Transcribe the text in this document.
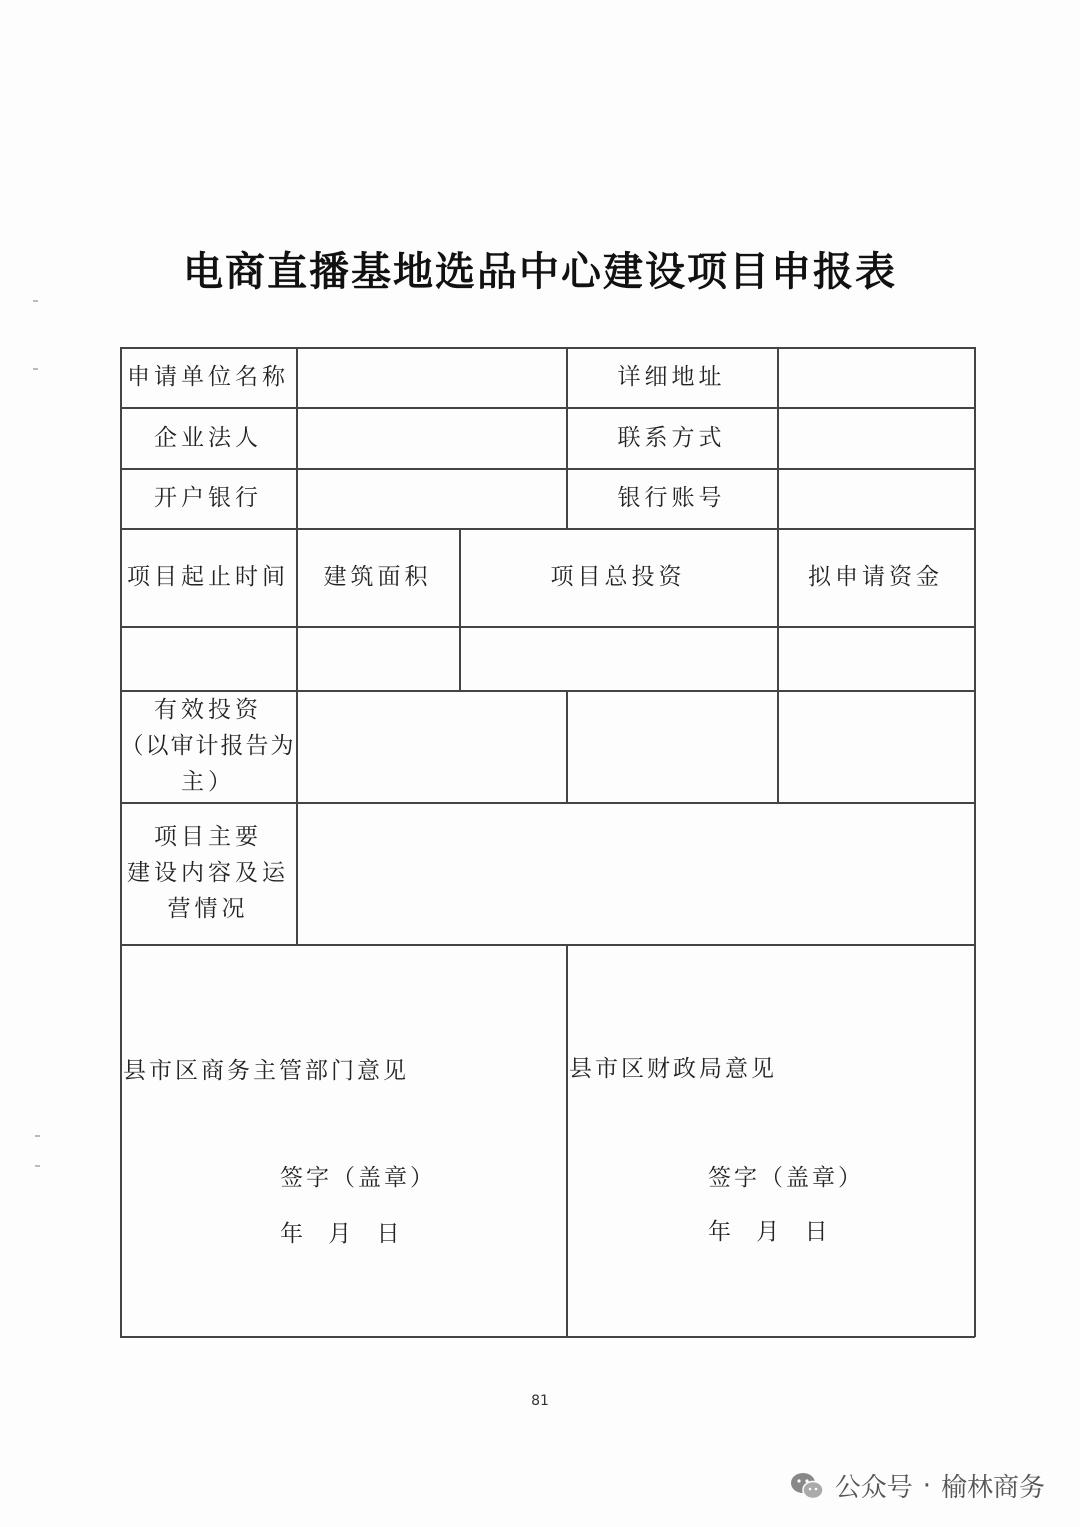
电商直播基地选品中心建设项目申报表
申请单位名称	详细地址
企业法人	联系方式
开户银行	银行账号
项目起止时间	建筑面积	项目总投资	拟申请资金
有效投资
（以审计报告为
主）
项目主要
建设内容及运
营情况
县市区商务主管部门意见
签字（盖章）
年 月 日
县市区财政局意见
签字（盖章）
年 月 日
81
公众号 · 榆林商务
